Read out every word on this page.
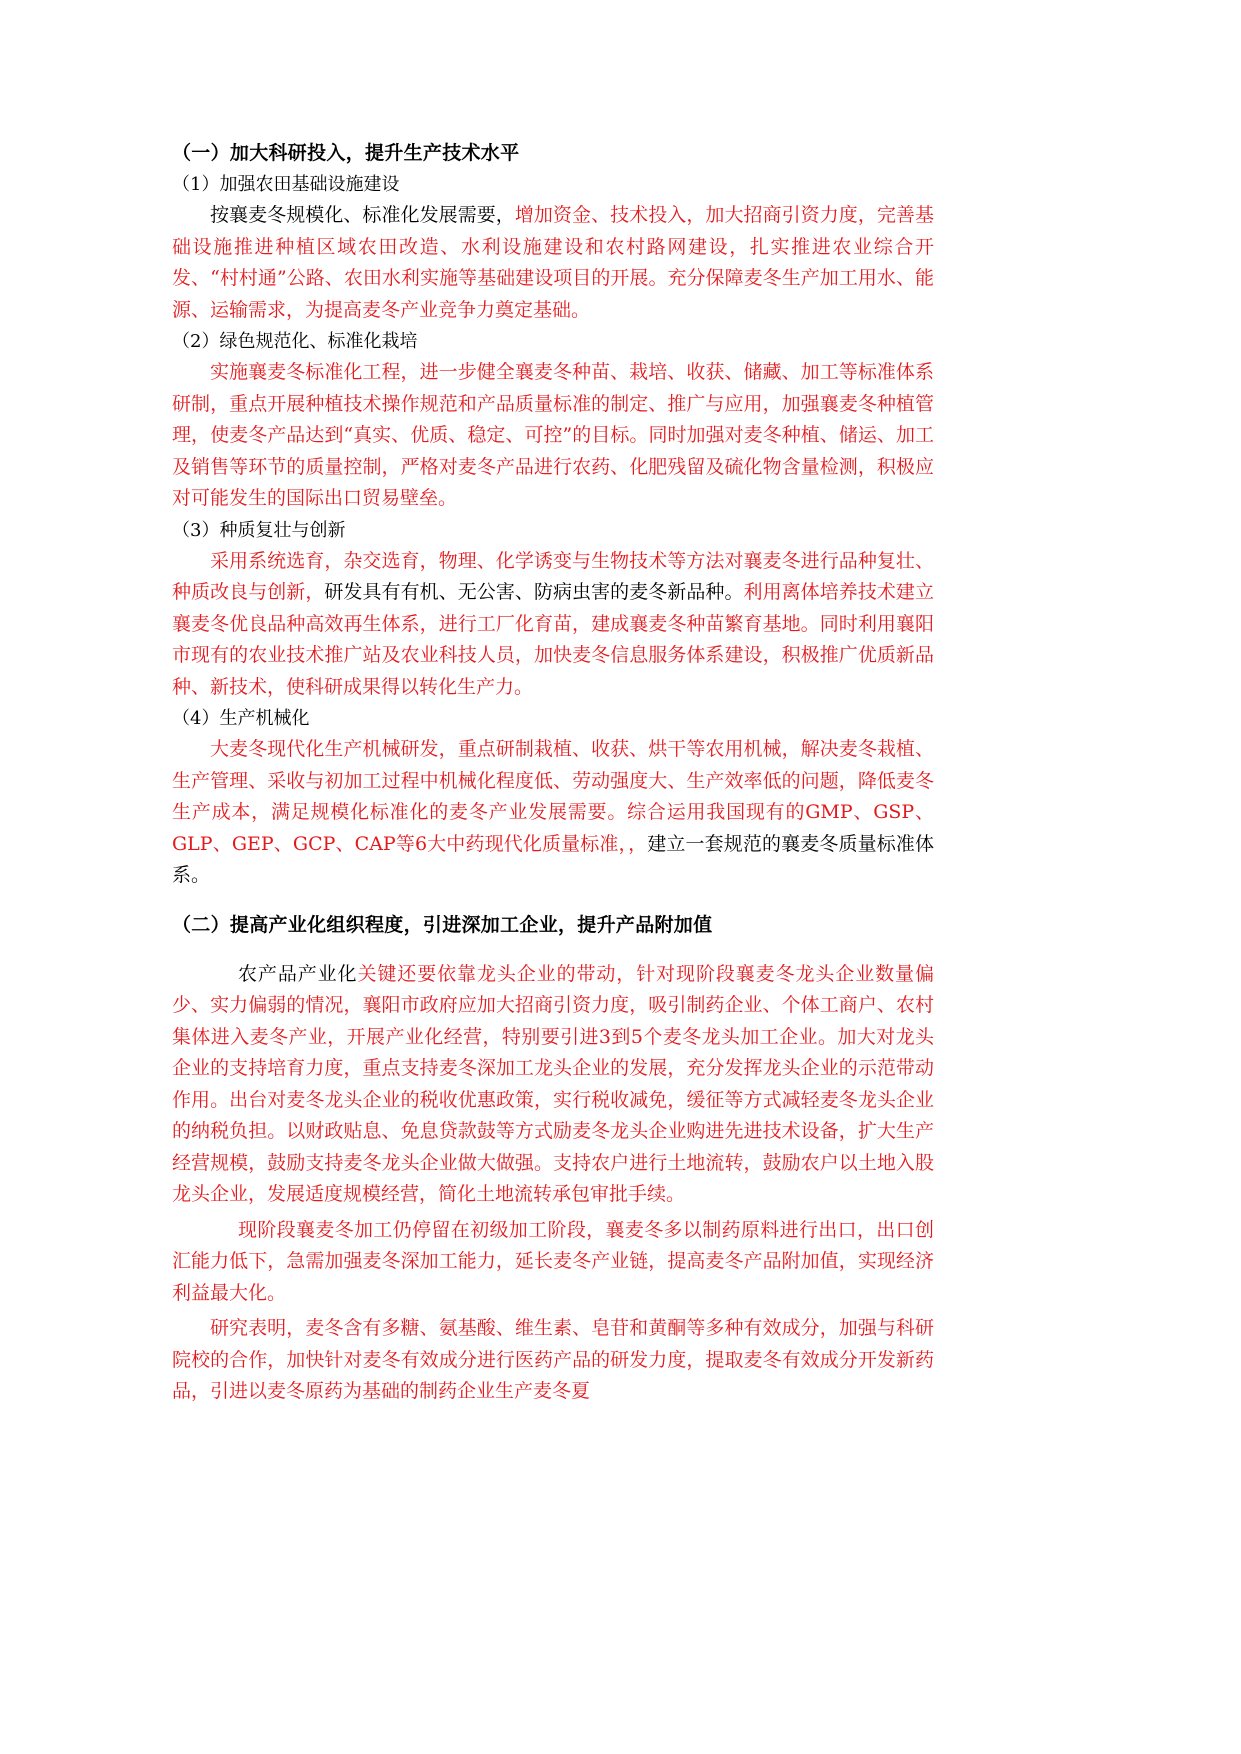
（一）加大科研投入，提升生产技术水平
（1）加强农田基础设施建设

按襄麦冬规模化、标准化发展需要，增加资金、技术投入，加大招商引资力度，完善基础设施推进种植区域农田改造、水利设施建设和农村路网建设，扎实推进农业综合开发、“村村通”公路、农田水利实施等基础建设项目的开展。充分保障麦冬生产加工用水、能源、运输需求，为提高麦冬产业竞争力奠定基础。

（2）绿色规范化、标准化栽培

实施襄麦冬标准化工程，进一步健全襄麦冬种苗、栽培、收获、储藏、加工等标准体系研制，重点开展种植技术操作规范和产品质量标准的制定、推广与应用，加强襄麦冬种植管理，使麦冬产品达到“真实、优质、稳定、可控”的目标。同时加强对麦冬种植、储运、加工及销售等环节的质量控制，严格对麦冬产品进行农药、化肥残留及硫化物含量检测，积极应对可能发生的国际出口贸易壁垒。

（3）种质复壮与创新

采用系统选育，杂交选育，物理、化学诱变与生物技术等方法对襄麦冬进行品种复壮、种质改良与创新，研发具有有机、无公害、防病虫害的麦冬新品种。利用离体培养技术建立襄麦冬优良品种高效再生体系，进行工厂化育苗，建成襄麦冬种苗繁育基地。同时利用襄阳市现有的农业技术推广站及农业科技人员，加快麦冬信息服务体系建设，积极推广优质新品种、新技术，使科研成果得以转化生产力。

（4）生产机械化

大麦冬现代化生产机械研发，重点研制栽植、收获、烘干等农用机械，解决麦冬栽植、生产管理、采收与初加工过程中机械化程度低、劳动强度大、生产效率低的问题，降低麦冬生产成本，满足规模化标准化的麦冬产业发展需要。综合运用我国现有的GMP、GSP、GLP、GEP、GCP、CAP等6大中药现代化质量标准，，建立一套规范的襄麦冬质量标准体系。

（二）提高产业化组织程度，引进深加工企业，提升产品附加值

农产品产业化关键还要依靠龙头企业的带动，针对现阶段襄麦冬龙头企业数量偏少、实力偏弱的情况，襄阳市政府应加大招商引资力度，吸引制药企业、个体工商户、农村集体进入麦冬产业，开展产业化经营，特别要引进3到5个麦冬龙头加工企业。加大对龙头企业的支持培育力度，重点支持麦冬深加工龙头企业的发展，充分发挥龙头企业的示范带动作用。出台对麦冬龙头企业的税收优惠政策，实行税收减免，缓征等方式减轻麦冬龙头企业的纳税负担。以财政贴息、免息贷款鼓等方式励麦冬龙头企业购进先进技术设备，扩大生产经营规模，鼓励支持麦冬龙头企业做大做强。支持农户进行土地流转，鼓励农户以土地入股龙头企业，发展适度规模经营，简化土地流转承包审批手续。

现阶段襄麦冬加工仍停留在初级加工阶段，襄麦冬多以制药原料进行出口，出口创汇能力低下，急需加强麦冬深加工能力，延长麦冬产业链，提高麦冬产品附加值，实现经济利益最大化。

研究表明，麦冬含有多糖、氨基酸、维生素、皂苷和黄酮等多种有效成分，加强与科研院校的合作，加快针对麦冬有效成分进行医药产品的研发力度，提取麦冬有效成分开发新药品，引进以麦冬原药为基础的制药企业生产麦冬夏
